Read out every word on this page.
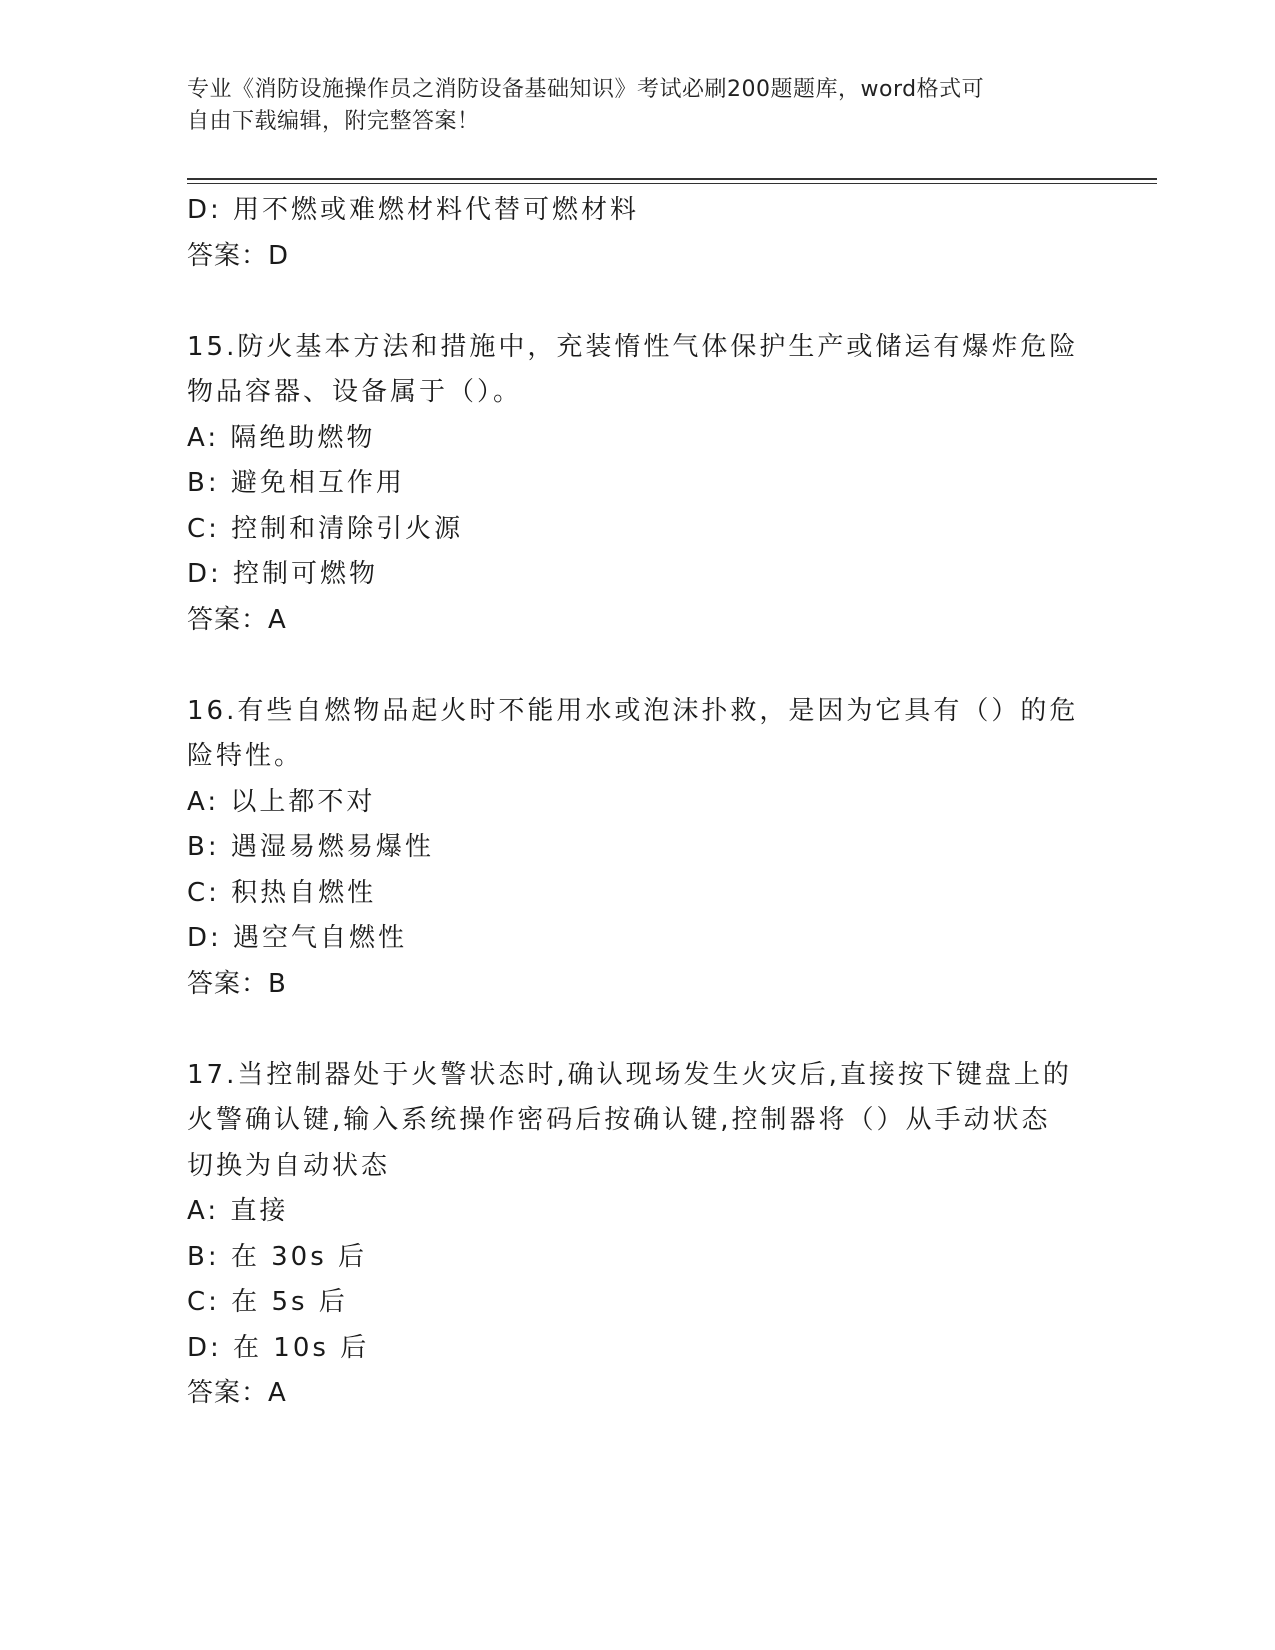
专业《消防设施操作员之消防设备基础知识》考试必刷200题题库，word格式可
自由下载编辑，附完整答案！
D: 用不燃或难燃材料代替可燃材料
答案：D
15.防火基本方法和措施中，充装惰性气体保护生产或储运有爆炸危险
物品容器、设备属于（）。
A: 隔绝助燃物
B: 避免相互作用
C: 控制和清除引火源
D: 控制可燃物
答案：A
16.有些自燃物品起火时不能用水或泡沫扑救，是因为它具有（）的危
险特性。
A: 以上都不对
B: 遇湿易燃易爆性
C: 积热自燃性
D: 遇空气自燃性
答案：B
17.当控制器处于火警状态时,确认现场发生火灾后,直接按下键盘上的
火警确认键,输入系统操作密码后按确认键,控制器将（）从手动状态
切换为自动状态
A: 直接
B: 在 30s 后
C: 在 5s 后
D: 在 10s 后
答案：A
